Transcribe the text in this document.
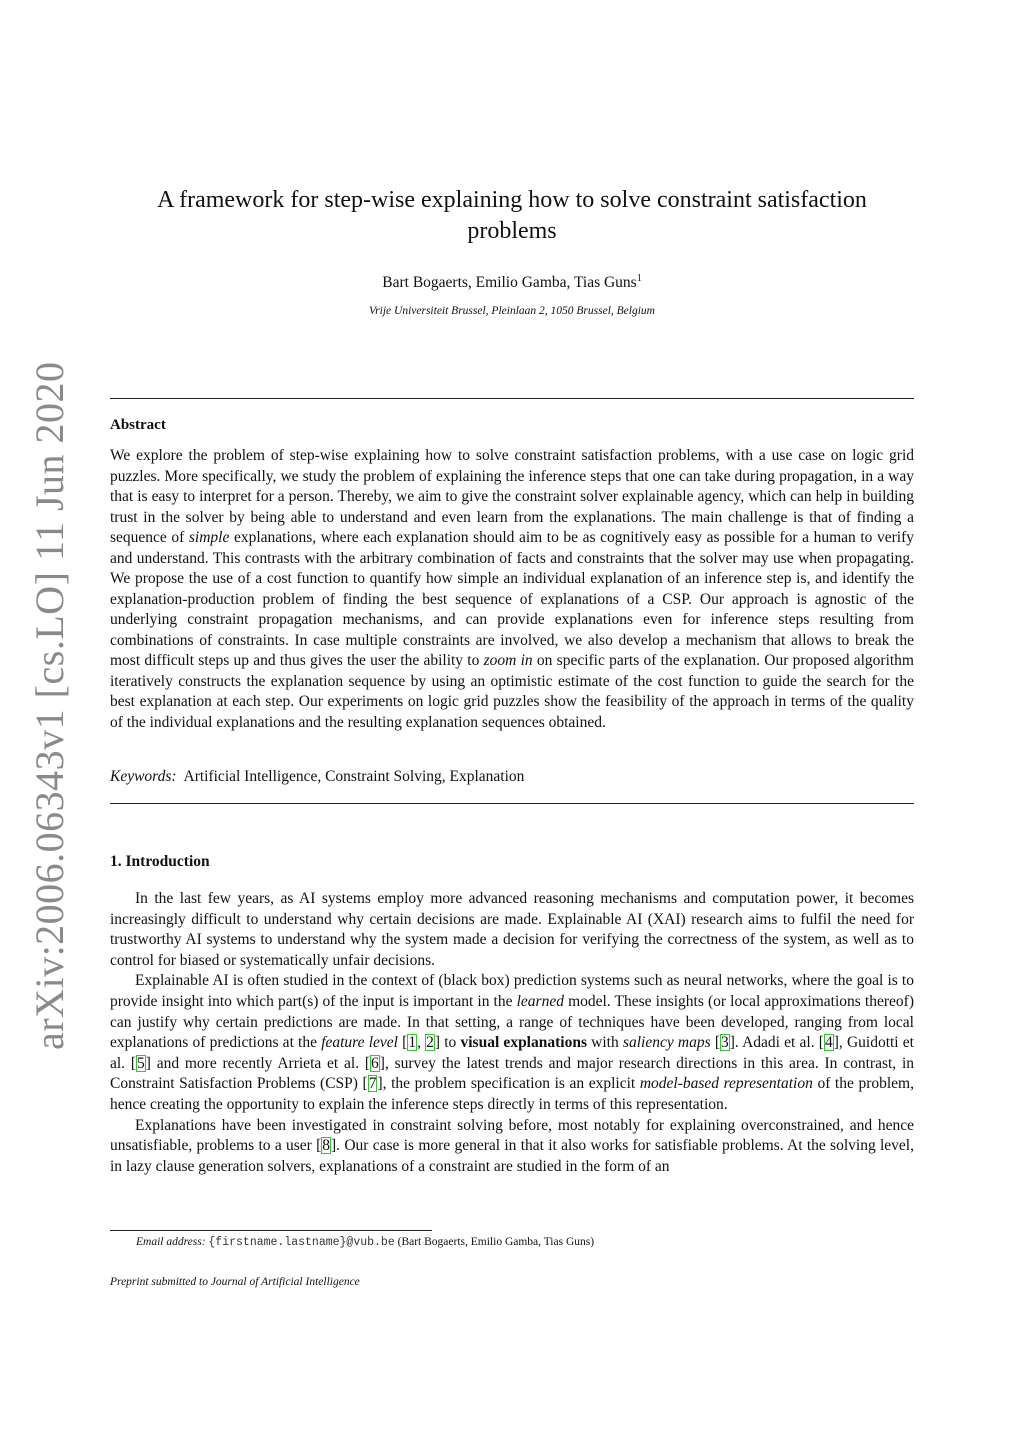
arXiv:2006.06343v1 [cs.LO] 11 Jun 2020
A framework for step-wise explaining how to solve constraint satisfaction problems
Bart Bogaerts, Emilio Gamba, Tias Guns$^1$
Vrije Universiteit Brussel, Pleinlaan 2, 1050 Brussel, Belgium
Abstract
We explore the problem of step-wise explaining how to solve constraint satisfaction problems, with a use case on logic grid puzzles. More specifically, we study the problem of explaining the inference steps that one can take during propagation, in a way that is easy to interpret for a person. Thereby, we aim to give the constraint solver explainable agency, which can help in building trust in the solver by being able to understand and even learn from the explanations. The main challenge is that of finding a sequence of simple explanations, where each explanation should aim to be as cognitively easy as possible for a human to verify and understand. This contrasts with the arbitrary combination of facts and constraints that the solver may use when propagating. We propose the use of a cost function to quantify how simple an individual explanation of an inference step is, and identify the explanation-production problem of finding the best sequence of explanations of a CSP. Our approach is agnostic of the underlying constraint propagation mechanisms, and can provide explanations even for inference steps resulting from combinations of constraints. In case multiple constraints are involved, we also develop a mechanism that allows to break the most difficult steps up and thus gives the user the ability to zoom in on specific parts of the explanation. Our proposed algorithm iteratively constructs the explanation sequence by using an optimistic estimate of the cost function to guide the search for the best explanation at each step. Our experiments on logic grid puzzles show the feasibility of the approach in terms of the quality of the individual explanations and the resulting explanation sequences obtained.
Keywords: Artificial Intelligence, Constraint Solving, Explanation
1. Introduction

In the last few years, as AI systems employ more advanced reasoning mechanisms and computation power, it becomes increasingly difficult to understand why certain decisions are made. Explainable AI (XAI) research aims to fulfil the need for trustworthy AI systems to understand why the system made a decision for verifying the correctness of the system, as well as to control for biased or systematically unfair decisions.

Explainable AI is often studied in the context of (black box) prediction systems such as neural networks, where the goal is to provide insight into which part(s) of the input is important in the learned model. These insights (or local approximations thereof) can justify why certain predictions are made. In that setting, a range of techniques have been developed, ranging from local explanations of predictions at the feature level [1, 2] to visual explanations with saliency maps [3]. Adadi et al. [4], Guidotti et al. [5] and more recently Arrieta et al. [6], survey the latest trends and major research directions in this area. In contrast, in Constraint Satisfaction Problems (CSP) [7], the problem specification is an explicit model-based representation of the problem, hence creating the opportunity to explain the inference steps directly in terms of this representation.

Explanations have been investigated in constraint solving before, most notably for explaining overconstrained, and hence unsatisfiable, problems to a user [8]. Our case is more general in that it also works for satisfiable problems. At the solving level, in lazy clause generation solvers, explanations of a constraint are studied in the form of an

Email address: {firstname.lastname}@vub.be (Bart Bogaerts, Emilio Gamba, Tias Guns)
Preprint submitted to Journal of Artificial Intelligence
